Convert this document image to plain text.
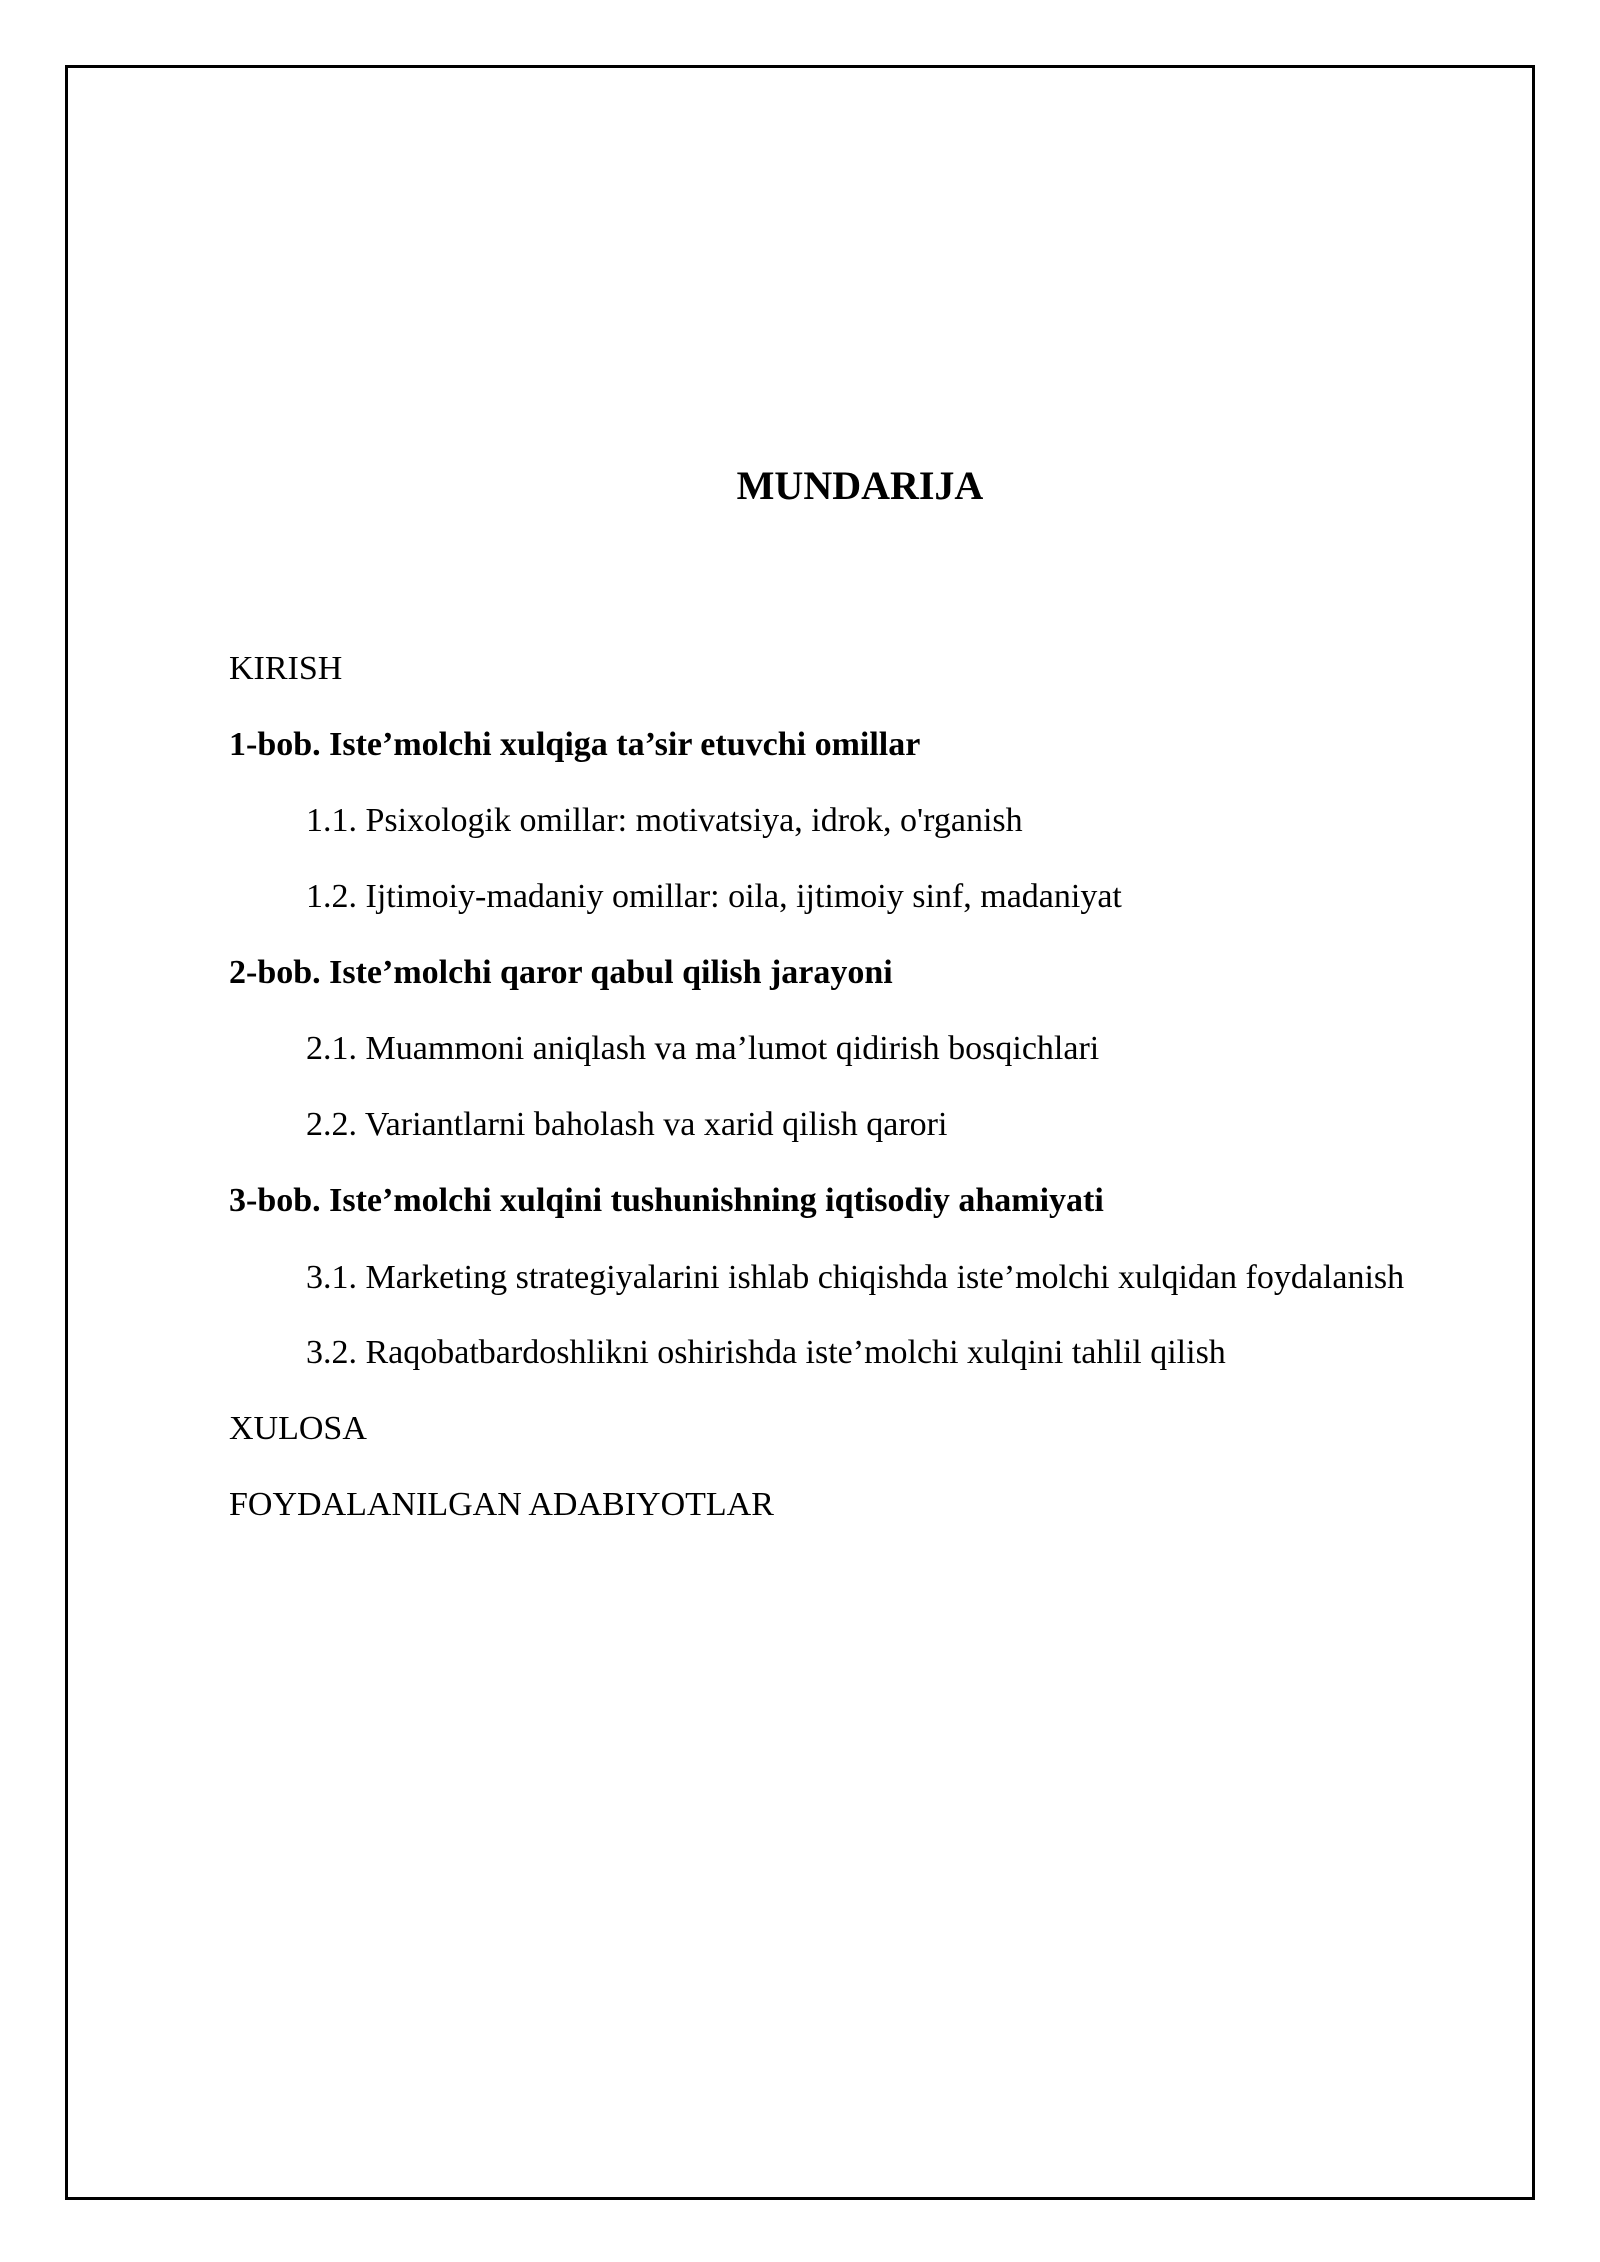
MUNDARIJA
KIRISH
1-bob. Iste’molchi xulqiga ta’sir etuvchi omillar
1.1. Psixologik omillar: motivatsiya, idrok, o'rganish
1.2. Ijtimoiy-madaniy omillar: oila, ijtimoiy sinf, madaniyat
2-bob. Iste’molchi qaror qabul qilish jarayoni
2.1. Muammoni aniqlash va ma’lumot qidirish bosqichlari
2.2. Variantlarni baholash va xarid qilish qarori
3-bob. Iste’molchi xulqini tushunishning iqtisodiy ahamiyati
3.1. Marketing strategiyalarini ishlab chiqishda iste’molchi xulqidan foydalanish
3.2. Raqobatbardoshlikni oshirishda iste’molchi xulqini tahlil qilish
XULOSA
FOYDALANILGAN ADABIYOTLAR
